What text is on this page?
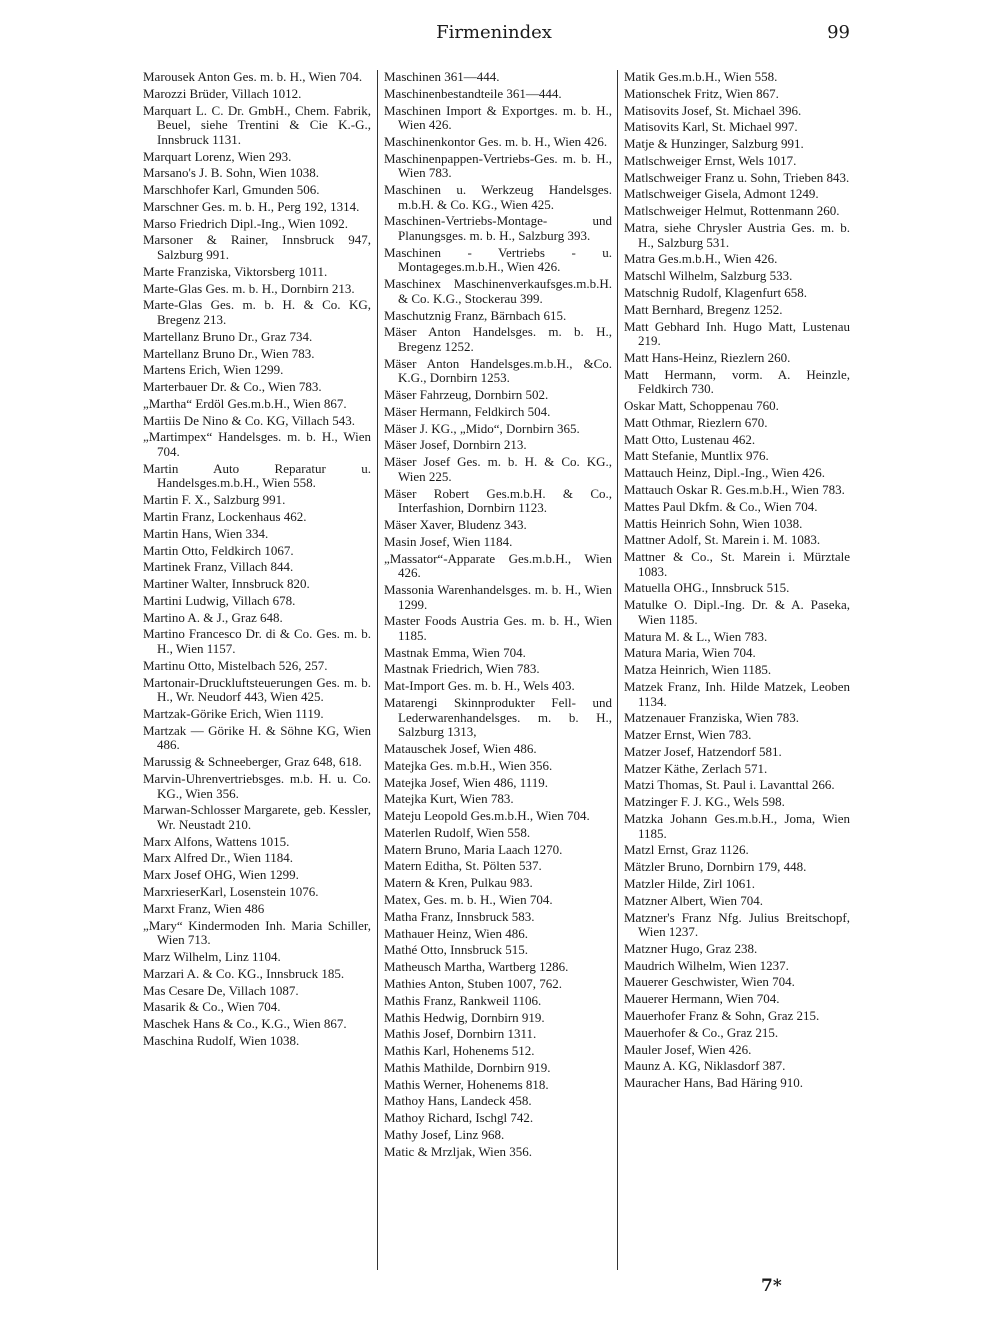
Firmenindex	99
Marousek Anton Ges. m. b. H., Wien 704.
Marozzi Brüder, Villach 1012.
Marquart L. C. Dr. GmbH., Chem. Fabrik, Beuel, siehe Trentini & Cie K.-G., Innsbruck 1131.
Marquart Lorenz, Wien 293.
Marsano's J. B. Sohn, Wien 1038.
Marschhofer Karl, Gmunden 506.
Marschner Ges. m. b. H., Perg 192, 1314.
Marso Friedrich Dipl.-Ing., Wien 1092.
Marsoner & Rainer, Innsbruck 947, Salzburg 991.
Marte Franziska, Viktorsberg 1011.
Marte-Glas Ges. m. b. H., Dornbirn 213.
Marte-Glas Ges. m. b. H. & Co. KG, Bregenz 213.
Martellanz Bruno Dr., Graz 734.
Martellanz Bruno Dr., Wien 783.
Martens Erich, Wien 1299.
Marterbauer Dr. & Co., Wien 783.
„Martha“ Erdöl Ges.m.b.H., Wien 867.
Martiis De Nino & Co. KG, Villach 543.
„Martimpex“ Handelsges. m. b. H., Wien 704.
Martin Auto Reparatur u. Handelsges.m.b.H., Wien 558.
Martin F. X., Salzburg 991.
Martin Franz, Lockenhaus 462.
Martin Hans, Wien 334.
Martin Otto, Feldkirch 1067.
Martinek Franz, Villach 844.
Martiner Walter, Innsbruck 820.
Martini Ludwig, Villach 678.
Martino A. & J., Graz 648.
Martino Francesco Dr. di & Co. Ges. m. b. H., Wien 1157.
Martinu Otto, Mistelbach 526, 257.
Martonair-Druckluftsteuerungen Ges. m. b. H., Wr. Neudorf 443, Wien 425.
Martzak-Görike Erich, Wien 1119.
Martzak — Görike H. & Söhne KG, Wien 486.
Marussig & Schneeberger, Graz 648, 618.
Marvin-Uhrenvertriebsges. m.b. H. u. Co. KG., Wien 356.
Marwan-Schlosser Margarete, geb. Kessler, Wr. Neustadt 210.
Marx Alfons, Wattens 1015.
Marx Alfred Dr., Wien 1184.
Marx Josef OHG, Wien 1299.
MarxrieserKarl, Losenstein 1076.
Marxt Franz, Wien 486
„Mary“ Kindermoden Inh. Maria Schiller, Wien 713.
Marz Wilhelm, Linz 1104.
Marzari A. & Co. KG., Innsbruck 185.
Mas Cesare De, Villach 1087.
Masarik & Co., Wien 704.
Maschek Hans & Co., K.G., Wien 867.
Maschina Rudolf, Wien 1038.
Maschinen 361—444.
Maschinenbestandteile 361—444.
Maschinen Import & Exportges. m. b. H., Wien 426.
Maschinenkontor Ges. m. b. H., Wien 426.
Maschinenpappen-Vertriebs-Ges. m. b. H., Wien 783.
Maschinen u. Werkzeug Handelsges. m.b.H. & Co. KG., Wien 425.
Maschinen-Vertriebs-Montage- und Planungsges. m. b. H., Salzburg 393.
Maschinen - Vertriebs - u. Montageges.m.b.H., Wien 426.
Maschinex Maschinenverkaufsges.m.b.H. & Co. K.G., Stockerau 399.
Maschutznig Franz, Bärnbach 615.
Mäser Anton Handelsges. m. b. H., Bregenz 1252.
Mäser Anton Handelsges.m.b.H., &Co. K.G., Dornbirn 1253.
Mäser Fahrzeug, Dornbirn 502.
Mäser Hermann, Feldkirch 504.
Mäser J. KG., „Mido“, Dornbirn 365.
Mäser Josef, Dornbirn 213.
Mäser Josef Ges. m. b. H. & Co. KG., Wien 225.
Mäser Robert Ges.m.b.H. & Co., Interfashion, Dornbirn 1123.
Mäser Xaver, Bludenz 343.
Masin Josef, Wien 1184.
„Massator“-Apparate Ges.m.b.H., Wien 426.
Massonia Warenhandelsges. m. b. H., Wien 1299.
Master Foods Austria Ges. m. b. H., Wien 1185.
Mastnak Emma, Wien 704.
Mastnak Friedrich, Wien 783.
Mat-Import Ges. m. b. H., Wels 403.
Matarengi Skinnprodukter Fell- und Lederwarenhandelsges. m. b. H., Salzburg 1313,
Matauschek Josef, Wien 486.
Matejka Ges. m.b.H., Wien 356.
Matejka Josef, Wien 486, 1119.
Matejka Kurt, Wien 783.
Mateju Leopold Ges.m.b.H., Wien 704.
Materlen Rudolf, Wien 558.
Matern Bruno, Maria Laach 1270.
Matern Editha, St. Pölten 537.
Matern & Kren, Pulkau 983.
Matex, Ges. m. b. H., Wien 704.
Matha Franz, Innsbruck 583.
Mathauer Heinz, Wien 486.
Mathé Otto, Innsbruck 515.
Matheusch Martha, Wartberg 1286.
Mathies Anton, Stuben 1007, 762.
Mathis Franz, Rankweil 1106.
Mathis Hedwig, Dornbirn 919.
Mathis Josef, Dornbirn 1311.
Mathis Karl, Hohenems 512.
Mathis Mathilde, Dornbirn 919.
Mathis Werner, Hohenems 818.
Mathoy Hans, Landeck 458.
Mathoy Richard, Ischgl 742.
Mathy Josef, Linz 968.
Matic & Mrzljak, Wien 356.
Matik Ges.m.b.H., Wien 558.
Mationschek Fritz, Wien 867.
Matisovits Josef, St. Michael 396.
Matisovits Karl, St. Michael 997.
Matje & Hunzinger, Salzburg 991.
Matlschweiger Ernst, Wels 1017.
Matlschweiger Franz u. Sohn, Trieben 843.
Matlschweiger Gisela, Admont 1249.
Matlschweiger Helmut, Rottenmann 260.
Matra, siehe Chrysler Austria Ges. m. b. H., Salzburg 531.
Matra Ges.m.b.H., Wien 426.
Matschl Wilhelm, Salzburg 533.
Matschnig Rudolf, Klagenfurt 658.
Matt Bernhard, Bregenz 1252.
Matt Gebhard Inh. Hugo Matt, Lustenau 219.
Matt Hans-Heinz, Riezlern 260.
Matt Hermann, vorm. A. Heinzle, Feldkirch 730.
Oskar Matt, Schoppenau 760.
Matt Othmar, Riezlern 670.
Matt Otto, Lustenau 462.
Matt Stefanie, Muntlix 976.
Mattauch Heinz, Dipl.-Ing., Wien 426.
Mattauch Oskar R. Ges.m.b.H., Wien 783.
Mattes Paul Dkfm. & Co., Wien 704.
Mattis Heinrich Sohn, Wien 1038.
Mattner Adolf, St. Marein i. M. 1083.
Mattner & Co., St. Marein i. Mürztale 1083.
Matuella OHG., Innsbruck 515.
Matulke O. Dipl.-Ing. Dr. & A. Paseka, Wien 1185.
Matura M. & L., Wien 783.
Matura Maria, Wien 704.
Matza Heinrich, Wien 1185.
Matzek Franz, Inh. Hilde Matzek, Leoben 1134.
Matzenauer Franziska, Wien 783.
Matzer Ernst, Wien 783.
Matzer Josef, Hatzendorf 581.
Matzer Käthe, Zerlach 571.
Matzi Thomas, St. Paul i. Lavanttal 266.
Matzinger F. J. KG., Wels 598.
Matzka Johann Ges.m.b.H., Joma, Wien 1185.
Matzl Ernst, Graz 1126.
Mätzler Bruno, Dornbirn 179, 448.
Matzler Hilde, Zirl 1061.
Matzner Albert, Wien 704.
Matzner's Franz Nfg. Julius Breitschopf, Wien 1237.
Matzner Hugo, Graz 238.
Maudrich Wilhelm, Wien 1237.
Mauerer Geschwister, Wien 704.
Mauerer Hermann, Wien 704.
Mauerhofer Franz & Sohn, Graz 215.
Mauerhofer & Co., Graz 215.
Mauler Josef, Wien 426.
Maunz A. KG, Niklasdorf 387.
Mauracher Hans, Bad Häring 910.
7*
